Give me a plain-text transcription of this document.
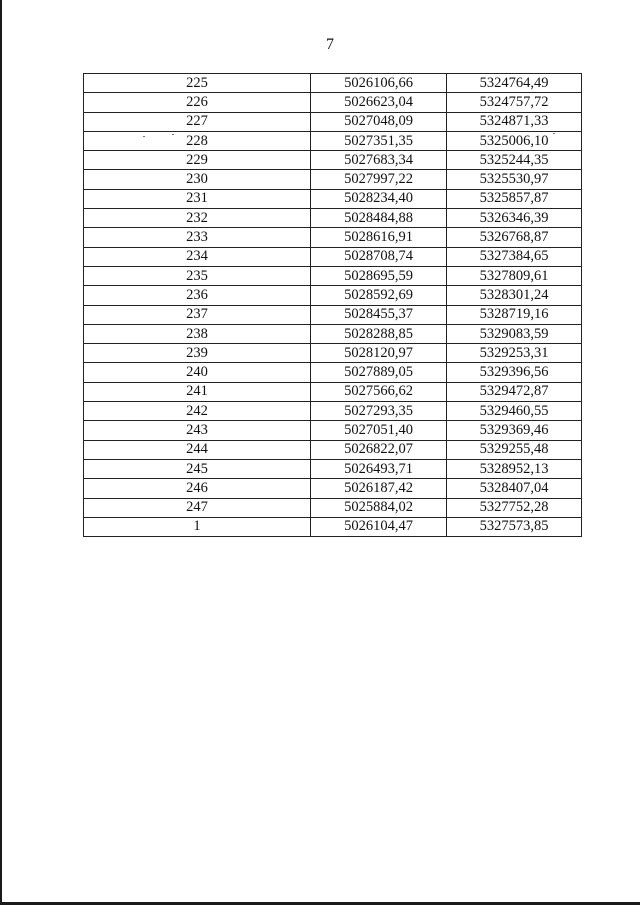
7
225	5026106,66	5324764,49
226	5026623,04	5324757,72
227	5027048,09	5324871,33
228	5027351,35	5325006,10
229	5027683,34	5325244,35
230	5027997,22	5325530,97
231	5028234,40	5325857,87
232	5028484,88	5326346,39
233	5028616,91	5326768,87
234	5028708,74	5327384,65
235	5028695,59	5327809,61
236	5028592,69	5328301,24
237	5028455,37	5328719,16
238	5028288,85	5329083,59
239	5028120,97	5329253,31
240	5027889,05	5329396,56
241	5027566,62	5329472,87
242	5027293,35	5329460,55
243	5027051,40	5329369,46
244	5026822,07	5329255,48
245	5026493,71	5328952,13
246	5026187,42	5328407,04
247	5025884,02	5327752,28
1	5026104,47	5327573,85
